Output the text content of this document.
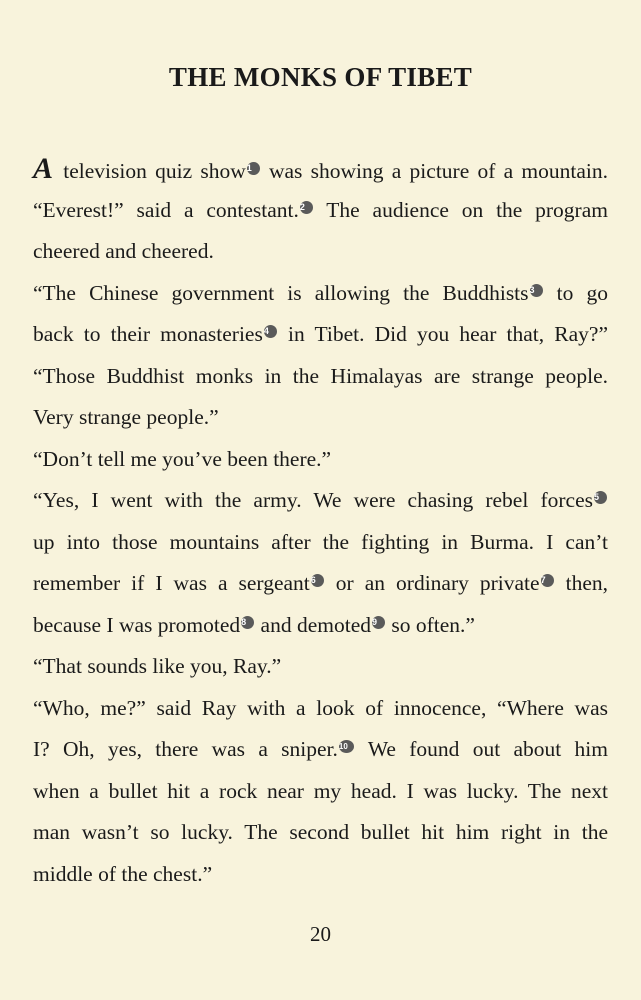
THE MONKS OF TIBET
A television quiz show1 was showing a picture of a mountain.
“Everest!” said a contestant.2 The audience on the program
cheered and cheered.
“The Chinese government is allowing the Buddhists3 to go
back to their monasteries4 in Tibet. Did you hear that, Ray?”
“Those Buddhist monks in the Himalayas are strange people.
Very strange people.”
“Don’t tell me you’ve been there.”
“Yes, I went with the army. We were chasing rebel forces5
up into those mountains after the fighting in Burma. I can’t
remember if I was a sergeant6 or an ordinary private7 then,
because I was promoted8 and demoted9 so often.”
“That sounds like you, Ray.”
“Who, me?” said Ray with a look of innocence, “Where was
I? Oh, yes, there was a sniper.10 We found out about him
when a bullet hit a rock near my head. I was lucky. The next
man wasn’t so lucky. The second bullet hit him right in the
middle of the chest.”
20
